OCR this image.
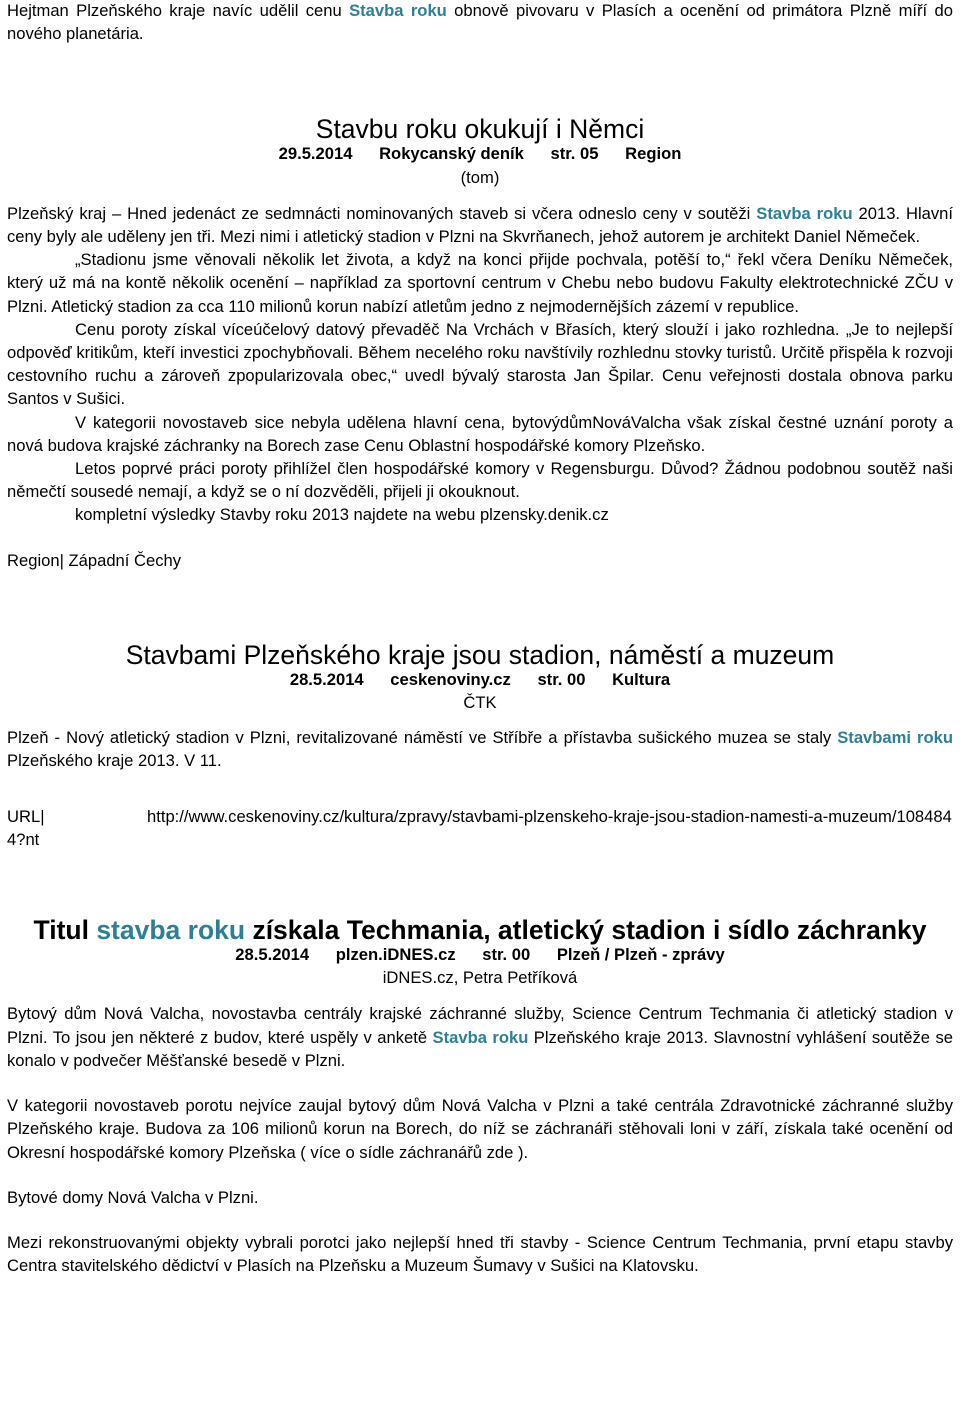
Hejtman Plzeňského kraje navíc udělil cenu Stavba roku obnově pivovaru v Plasích a ocenění od primátora Plzně míří do nového planetária.

Stavbu roku okukují i Němci
29.5.2014 Rokycanský deník str. 05 Region
(tom)

Plzeňský kraj – Hned jedenáct ze sedmnácti nominovaných staveb si včera odneslo ceny v soutěži Stavba roku 2013. Hlavní ceny byly ale uděleny jen tři. Mezi nimi i atletický stadion v Plzni na Skvrňanech, jehož autorem je architekt Daniel Němeček.

„Stadionu jsme věnovali několik let života, a když na konci přijde pochvala, potěší to,“ řekl včera Deníku Němeček, který už má na kontě několik ocenění – například za sportovní centrum v Chebu nebo budovu Fakulty elektrotechnické ZČU v Plzni. Atletický stadion za cca 110 milionů korun nabízí atletům jedno z nejmodernějších zázemí v republice.

Cenu poroty získal víceúčelový datový převaděč Na Vrchách v Břasích, který slouží i jako rozhledna. „Je to nejlepší odpověď kritikům, kteří investici zpochybňovali. Během necelého roku navštívily rozhlednu stovky turistů. Určitě přispěla k rozvoji cestovního ruchu a zároveň zpopularizovala obec,“ uvedl bývalý starosta Jan Špilar. Cenu veřejnosti dostala obnova parku Santos v Sušici.

V kategorii novostaveb sice nebyla udělena hlavní cena, bytovýdůmNováValcha však získal čestné uznání poroty a nová budova krajské záchranky na Borech zase Cenu Oblastní hospodářské komory Plzeňsko.

Letos poprvé práci poroty přihlížel člen hospodářské komory v Regensburgu. Důvod? Žádnou podobnou soutěž naši němečtí sousedé nemají, a když se o ní dozvěděli, přijeli ji okouknout.

kompletní výsledky Stavby roku 2013 najdete na webu plzensky.denik.cz

Region| Západní Čechy

Stavbami Plzeňského kraje jsou stadion, náměstí a muzeum
28.5.2014 ceskenoviny.cz str. 00 Kultura
ČTK

Plzeň - Nový atletický stadion v Plzni, revitalizované náměstí ve Stříbře a přístavba sušického muzea se staly Stavbami roku Plzeňského kraje 2013. V 11.

URL|	http://www.ceskenoviny.cz/kultura/zpravy/stavbami-plzenskeho-kraje-jsou-stadion-namesti-a-muzeum/1084844?nt

Titul stavba roku získala Techmania, atletický stadion i sídlo záchranky
28.5.2014 plzen.iDNES.cz str. 00 Plzeň / Plzeň - zprávy
iDNES.cz, Petra Petříková

Bytový dům Nová Valcha, novostavba centrály krajské záchranné služby, Science Centrum Techmania či atletický stadion v Plzni. To jsou jen některé z budov, které uspěly v anketě Stavba roku Plzeňského kraje 2013. Slavnostní vyhlášení soutěže se konalo v podvečer Měšťanské besedě v Plzni.

V kategorii novostaveb porotu nejvíce zaujal bytový dům Nová Valcha v Plzni a také centrála Zdravotnické záchranné služby Plzeňského kraje. Budova za 106 milionů korun na Borech, do níž se záchranáři stěhovali loni v září, získala také ocenění od Okresní hospodářské komory Plzeňska ( více o sídle záchranářů zde ).

Bytové domy Nová Valcha v Plzni.

Mezi rekonstruovanými objekty vybrali porotci jako nejlepší hned tři stavby - Science Centrum Techmania, první etapu stavby Centra stavitelského dědictví v Plasích na Plzeňsku a Muzeum Šumavy v Sušici na Klatovsku.
